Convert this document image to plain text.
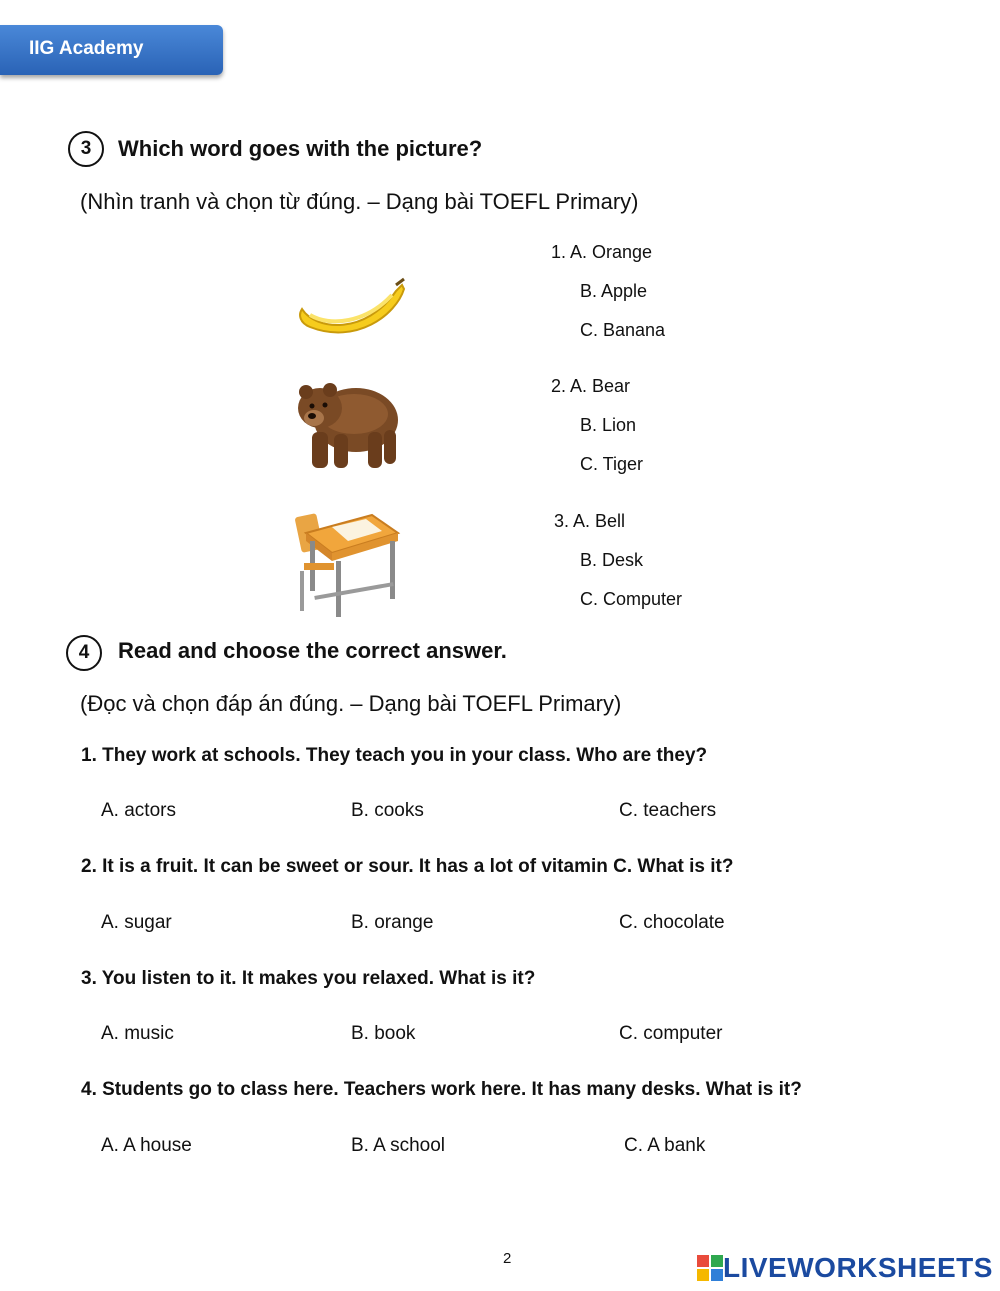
IIG Academy
3	Which word goes with the picture?
(Nhìn tranh và chọn từ đúng. – Dạng bài TOEFL Primary)
1. A. Orange
B. Apple
C. Banana
2. A. Bear
B. Lion
C. Tiger
3. A. Bell
B. Desk
C. Computer
4	Read and choose the correct answer.
(Đọc và chọn đáp án đúng. – Dạng bài TOEFL Primary)
1. They work at schools. They teach you in your class. Who are they?
A. actors	B. cooks	C. teachers
2. It is a fruit. It can be sweet or sour. It has a lot of vitamin C. What is it?
A. sugar	B. orange	C. chocolate
3. You listen to it. It makes you relaxed. What is it?
A. music	B. book	C. computer
4. Students go to class here. Teachers work here. It has many desks. What is it?
A. A house	B. A school	C. A bank
2	LIVEWORKSHEETS
